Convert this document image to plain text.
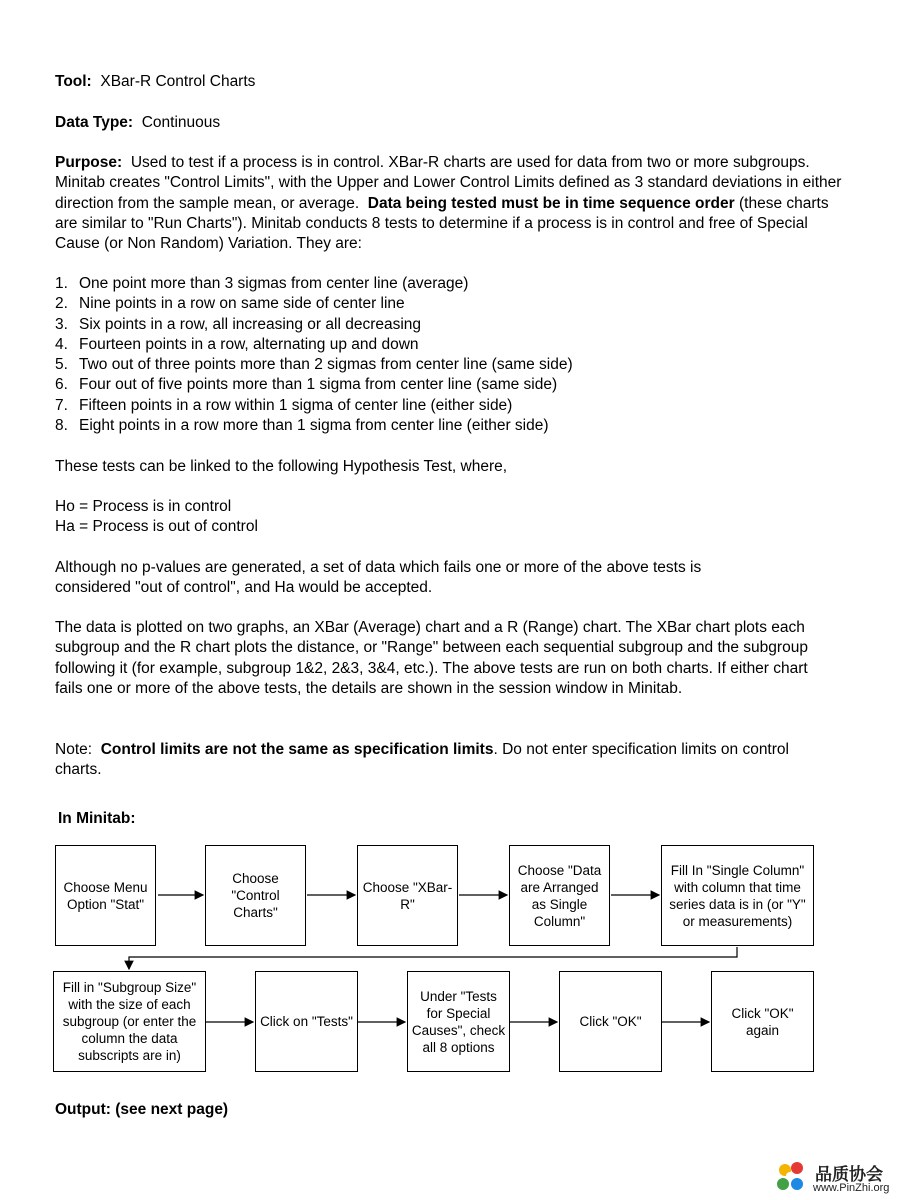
Tool: XBar-R Control Charts

Data Type: Continuous

Purpose: Used to test if a process is in control. XBar-R charts are used for data from two or more subgroups. Minitab creates "Control Limits", with the Upper and Lower Control Limits defined as 3 standard deviations in either direction from the sample mean, or average. Data being tested must be in time sequence order (these charts are similar to "Run Charts"). Minitab conducts 8 tests to determine if a process is in control and free of Special Cause (or Non Random) Variation. They are:

1. One point more than 3 sigmas from center line (average)
2. Nine points in a row on same side of center line
3. Six points in a row, all increasing or all decreasing
4. Fourteen points in a row, alternating up and down
5. Two out of three points more than 2 sigmas from center line (same side)
6. Four out of five points more than 1 sigma from center line (same side)
7. Fifteen points in a row within 1 sigma of center line (either side)
8. Eight points in a row more than 1 sigma from center line (either side)

These tests can be linked to the following Hypothesis Test, where,

Ho = Process is in control

Ha = Process is out of control

Although no p-values are generated, a set of data which fails one or more of the above tests is considered "out of control", and Ha would be accepted.

The data is plotted on two graphs, an XBar (Average) chart and a R (Range) chart. The XBar chart plots each subgroup and the R chart plots the distance, or "Range" between each sequential subgroup and the subgroup following it (for example, subgroup 1&2, 2&3, 3&4, etc.). The above tests are run on both charts. If either chart fails one or more of the above tests, the details are shown in the session window in Minitab.

Note: Control limits are not the same as specification limits. Do not enter specification limits on control charts.

In Minitab:

Choose Menu Option "Stat"
Choose "Control Charts"
Choose "XBar-R"
Choose "Data are Arranged as Single Column"
Fill In "Single Column" with column that time series data is in (or "Y" or measurements)
Fill in "Subgroup Size" with the size of each subgroup (or enter the column the data subscripts are in)
Click on "Tests"
Under "Tests for Special Causes", check all 8 options
Click "OK"
Click "OK" again

Output: (see next page)

品质协会
www.PinZhi.org
